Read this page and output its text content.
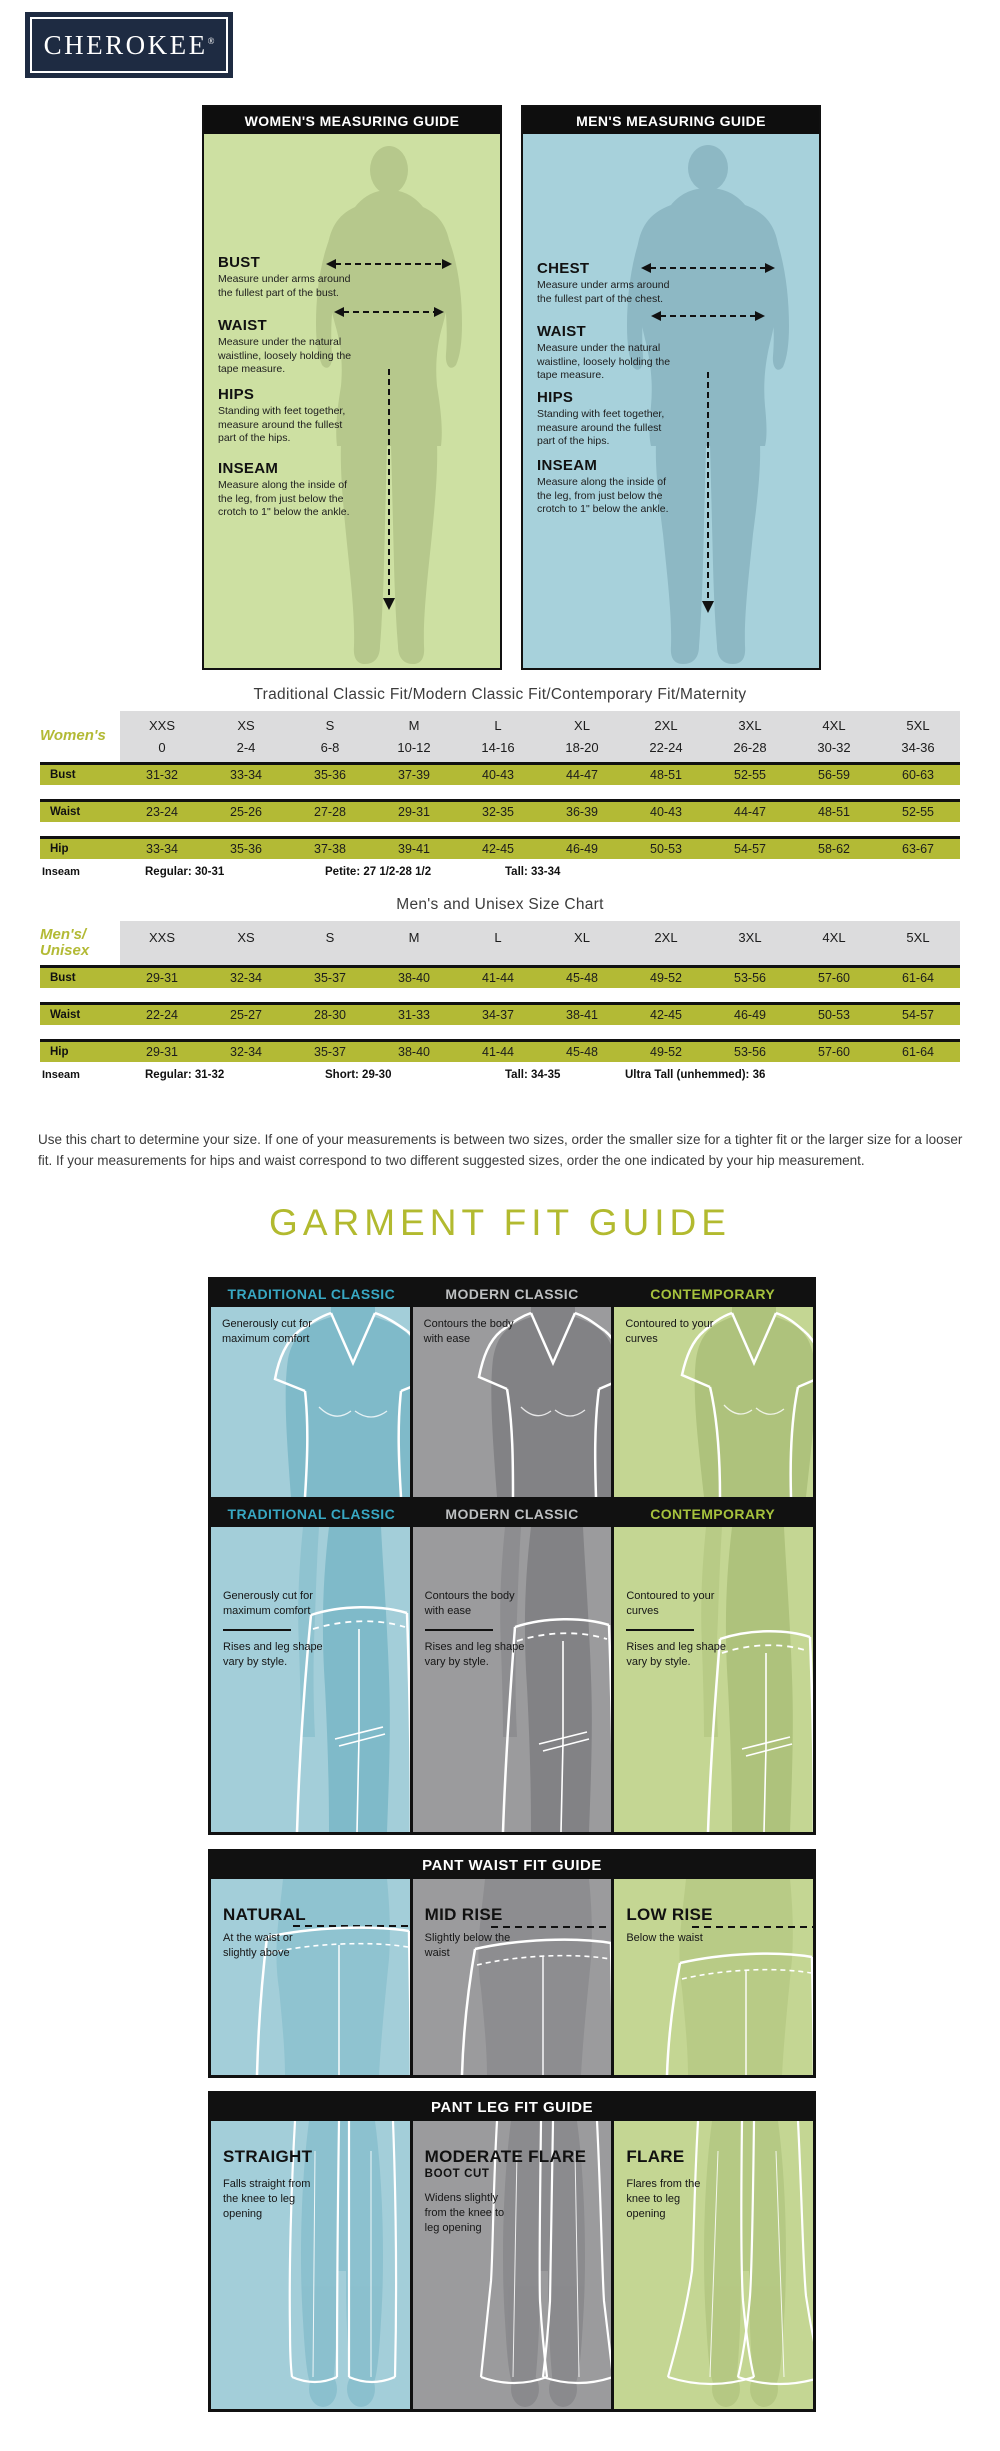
CHEROKEE®
WOMEN'S MEASURING GUIDE
BUST
Measure under arms around the fullest part of the bust.
WAIST
Measure under the natural waistline, loosely holding the tape measure.
HIPS
Standing with feet together, measure around the fullest part of the hips.
INSEAM
Measure along the inside of the leg, from just below the crotch to 1" below the ankle.
MEN'S MEASURING GUIDE
CHEST
Measure under arms around the fullest part of the chest.
WAIST
Measure under the natural waistline, loosely holding the tape measure.
HIPS
Standing with feet together, measure around the fullest part of the hips.
INSEAM
Measure along the inside of the leg, from just below the crotch to 1" below the ankle.
Traditional Classic Fit/Modern Classic Fit/Contemporary Fit/Maternity
Women's
XXS	XS	S	M	L	XL	2XL	3XL	4XL	5XL
0	2-4	6-8	10-12	14-16	18-20	22-24	26-28	30-32	34-36
Bust	31-32	33-34	35-36	37-39	40-43	44-47	48-51	52-55	56-59	60-63
Waist	23-24	25-26	27-28	29-31	32-35	36-39	40-43	44-47	48-51	52-55
Hip	33-34	35-36	37-38	39-41	42-45	46-49	50-53	54-57	58-62	63-67
Inseam	Regular: 30-31	Petite: 27 1/2-28 1/2	Tall: 33-34
Men's and Unisex Size Chart
Men's/
Unisex
XXS	XS	S	M	L	XL	2XL	3XL	4XL	5XL
Bust	29-31	32-34	35-37	38-40	41-44	45-48	49-52	53-56	57-60	61-64
Waist	22-24	25-27	28-30	31-33	34-37	38-41	42-45	46-49	50-53	54-57
Hip	29-31	32-34	35-37	38-40	41-44	45-48	49-52	53-56	57-60	61-64
Inseam	Regular: 31-32	Short: 29-30	Tall: 34-35	Ultra Tall (unhemmed): 36
Use this chart to determine your size. If one of your measurements is between two sizes, order the smaller size for a tighter fit or the larger size for a looser fit. If your measurements for hips and waist correspond to two different suggested sizes, order the one indicated by your hip measurement.
GARMENT FIT GUIDE
TRADITIONAL CLASSIC	MODERN CLASSIC	CONTEMPORARY
Generously cut for maximum comfort
Contours the body with ease
Contoured to your curves
TRADITIONAL CLASSIC	MODERN CLASSIC	CONTEMPORARY
Generously cut for maximum comfort
Rises and leg shape vary by style.
Contours the body with ease
Rises and leg shape vary by style.
Contoured to your curves
Rises and leg shape vary by style.
PANT WAIST FIT GUIDE
NATURAL
At the waist or slightly above
MID RISE
Slightly below the waist
LOW RISE
Below the waist
PANT LEG FIT GUIDE
STRAIGHT
Falls straight from the knee to leg opening
MODERATE FLARE
BOOT CUT
Widens slightly from the knee to leg opening
FLARE
Flares from the knee to leg opening
